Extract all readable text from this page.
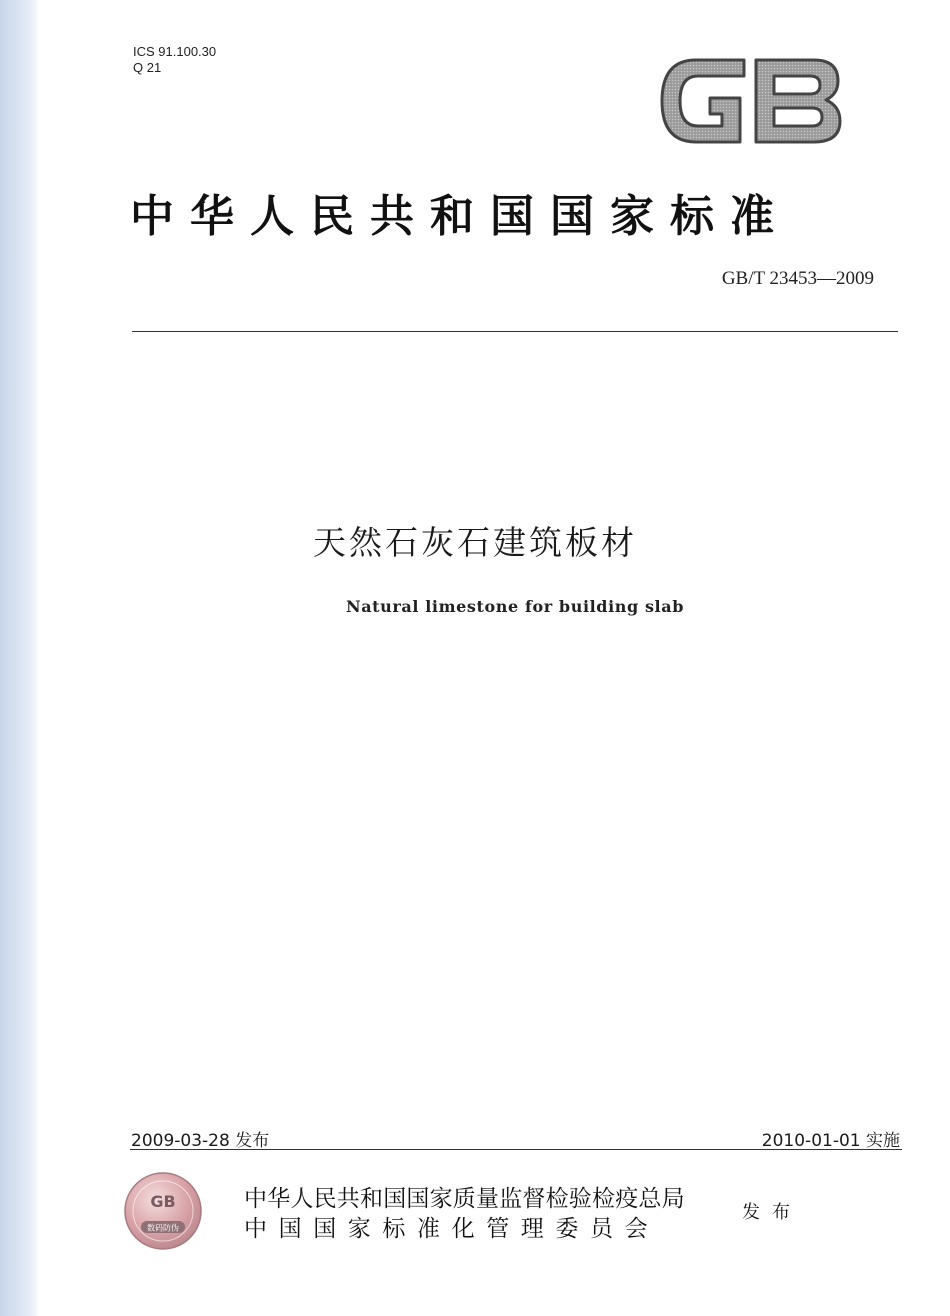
ICS 91.100.30
Q 21
GB
中华人民共和国国家标准
GB/T 23453—2009
天然石灰石建筑板材
Natural limestone for building slab
2009-03-28 发布	2010-01-01 实施
GB
数码防伪
中华人民共和国国家质量监督检验检疫总局
中国国家标准化管理委员会
发布
